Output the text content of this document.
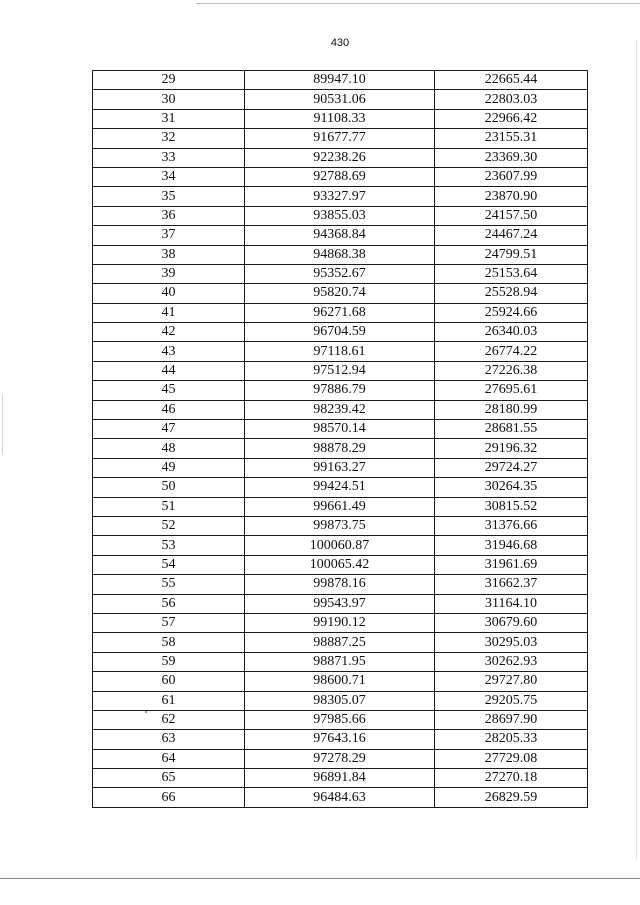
430
29	89947.10	22665.44
30	90531.06	22803.03
31	91108.33	22966.42
32	91677.77	23155.31
33	92238.26	23369.30
34	92788.69	23607.99
35	93327.97	23870.90
36	93855.03	24157.50
37	94368.84	24467.24
38	94868.38	24799.51
39	95352.67	25153.64
40	95820.74	25528.94
41	96271.68	25924.66
42	96704.59	26340.03
43	97118.61	26774.22
44	97512.94	27226.38
45	97886.79	27695.61
46	98239.42	28180.99
47	98570.14	28681.55
48	98878.29	29196.32
49	99163.27	29724.27
50	99424.51	30264.35
51	99661.49	30815.52
52	99873.75	31376.66
53	100060.87	31946.68
54	100065.42	31961.69
55	99878.16	31662.37
56	99543.97	31164.10
57	99190.12	30679.60
58	98887.25	30295.03
59	98871.95	30262.93
60	98600.71	29727.80
61	98305.07	29205.75
62	97985.66	28697.90
63	97643.16	28205.33
64	97278.29	27729.08
65	96891.84	27270.18
66	96484.63	26829.59
